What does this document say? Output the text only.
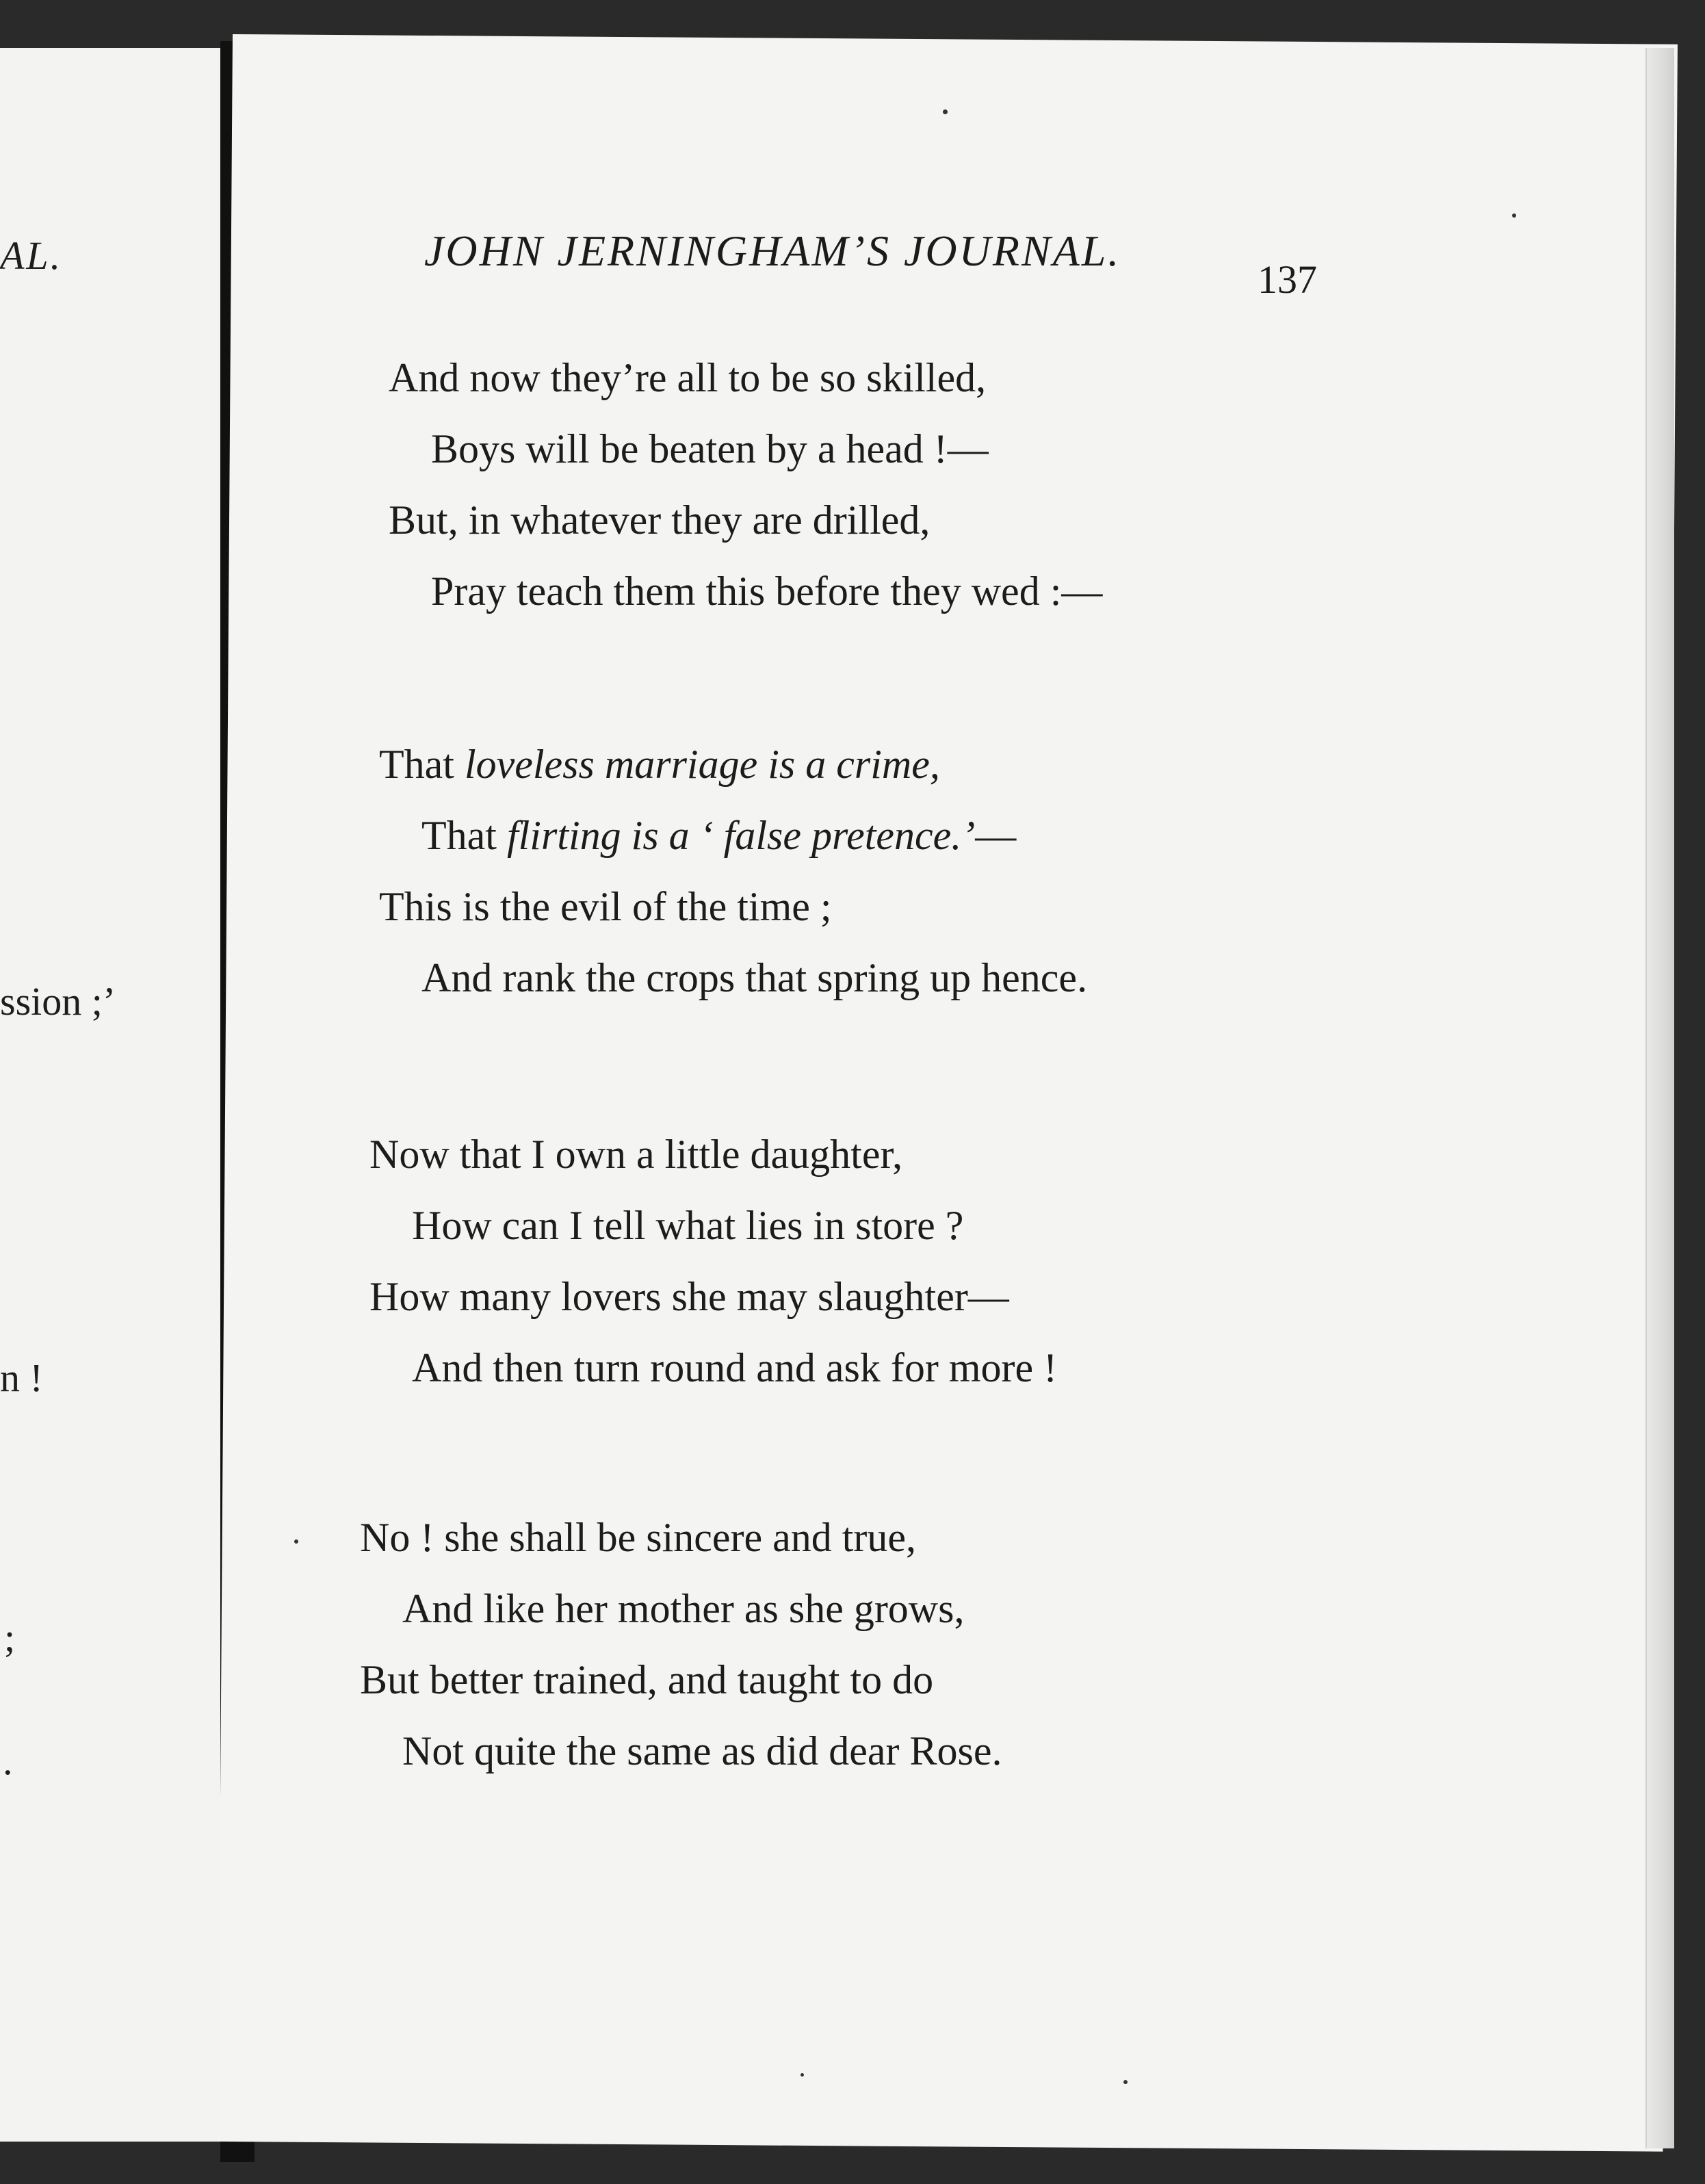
AL.
ssion ;’
n !
;
.
JOHN JERNINGHAM’S JOURNAL.
137
And now they’re all to be so skilled,
Boys will be beaten by a head !—
But, in whatever they are drilled,
Pray teach them this before they wed :—
That loveless marriage is a crime,
That flirting is a ‘ false pretence.’—
This is the evil of the time ;
And rank the crops that spring up hence.
Now that I own a little daughter,
How can I tell what lies in store ?
How many lovers she may slaughter—
And then turn round and ask for more !
No ! she shall be sincere and true,
And like her mother as she grows,
But better trained, and taught to do
Not quite the same as did dear Rose.
